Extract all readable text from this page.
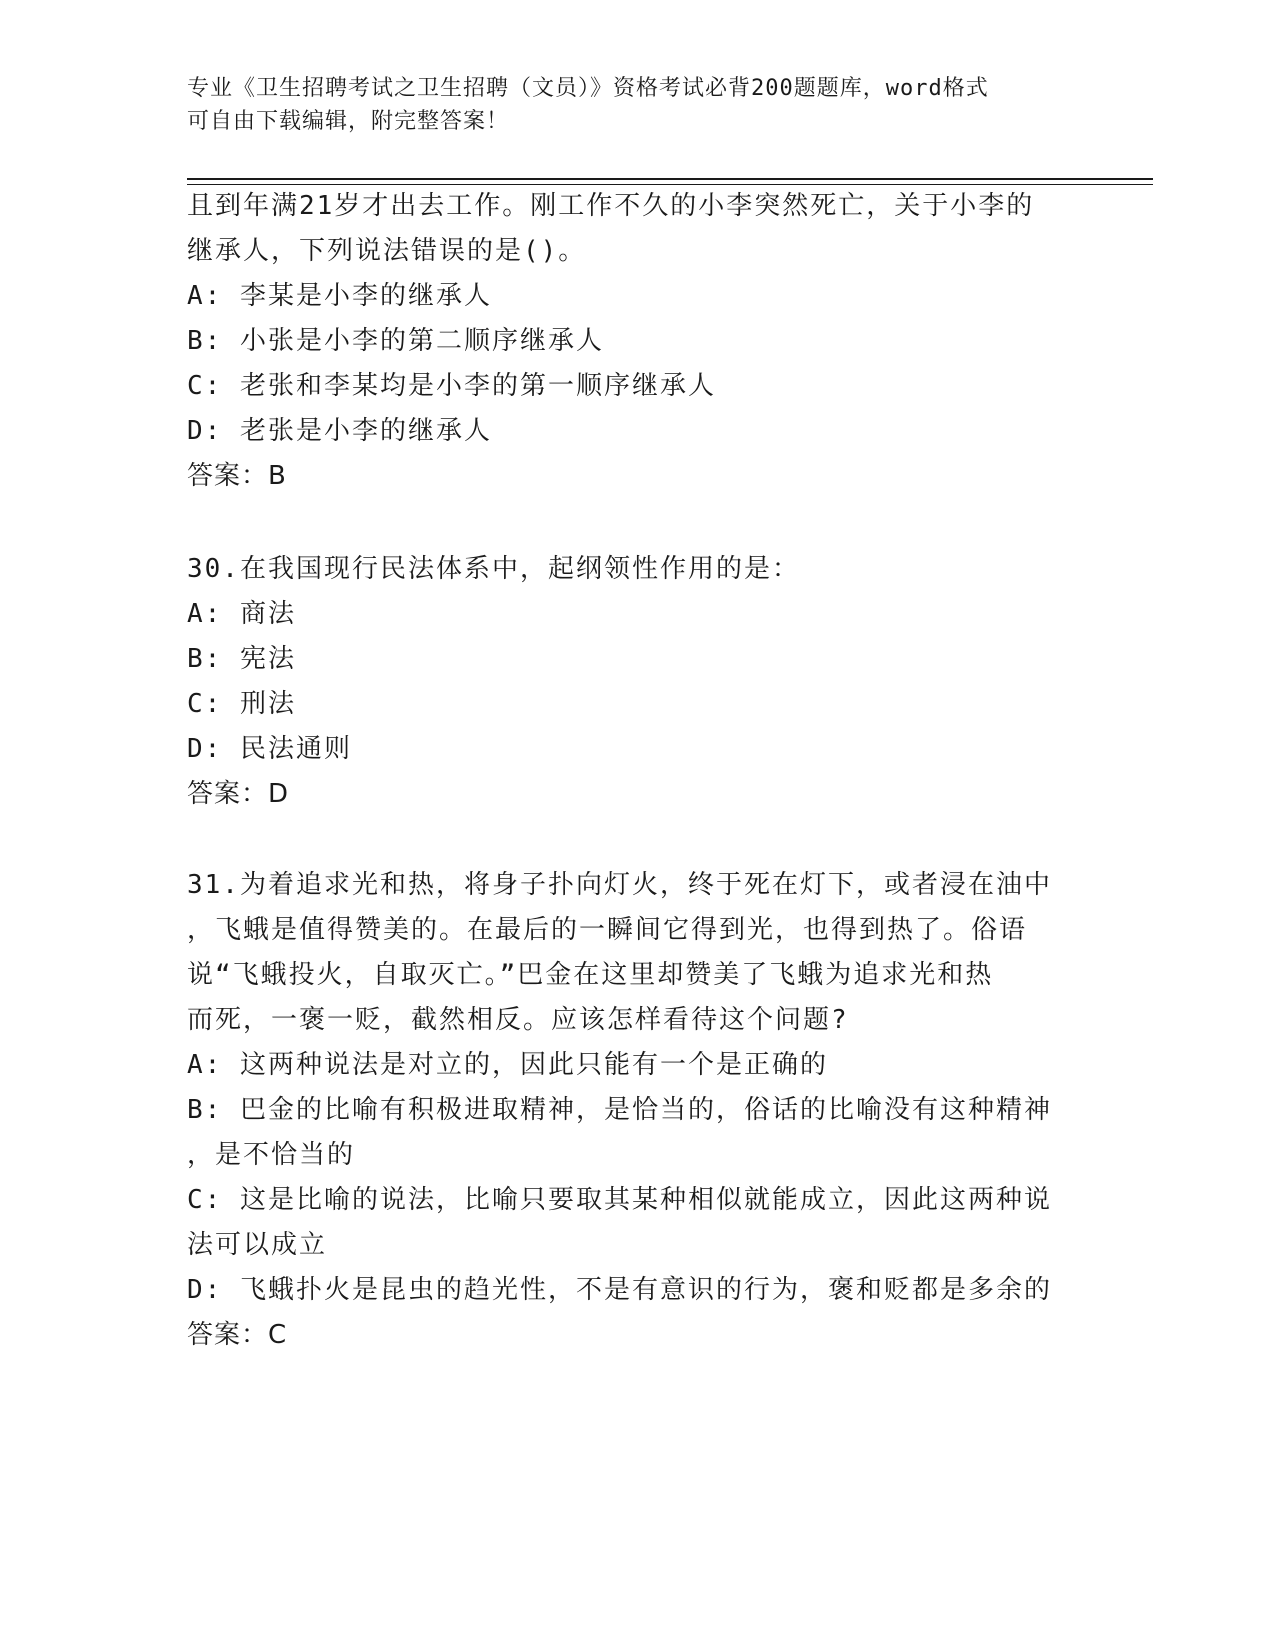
专业《卫生招聘考试之卫生招聘（文员）》资格考试必背200题题库，word格式
可自由下载编辑，附完整答案！
且到年满21岁才出去工作。刚工作不久的小李突然死亡，关于小李的
继承人，下列说法错误的是()。
A: 李某是小李的继承人
B: 小张是小李的第二顺序继承人
C: 老张和李某均是小李的第一顺序继承人
D: 老张是小李的继承人
答案：B
30.在我国现行民法体系中，起纲领性作用的是：
A: 商法
B: 宪法
C: 刑法
D: 民法通则
答案：D
31.为着追求光和热，将身子扑向灯火，终于死在灯下，或者浸在油中
，飞蛾是值得赞美的。在最后的一瞬间它得到光，也得到热了。俗语
说“飞蛾投火，自取灭亡。”巴金在这里却赞美了飞蛾为追求光和热
而死，一褒一贬，截然相反。应该怎样看待这个问题?
A: 这两种说法是对立的，因此只能有一个是正确的
B: 巴金的比喻有积极进取精神，是恰当的，俗话的比喻没有这种精神
，是不恰当的
C: 这是比喻的说法，比喻只要取其某种相似就能成立，因此这两种说
法可以成立
D: 飞蛾扑火是昆虫的趋光性，不是有意识的行为，褒和贬都是多余的
答案：C
